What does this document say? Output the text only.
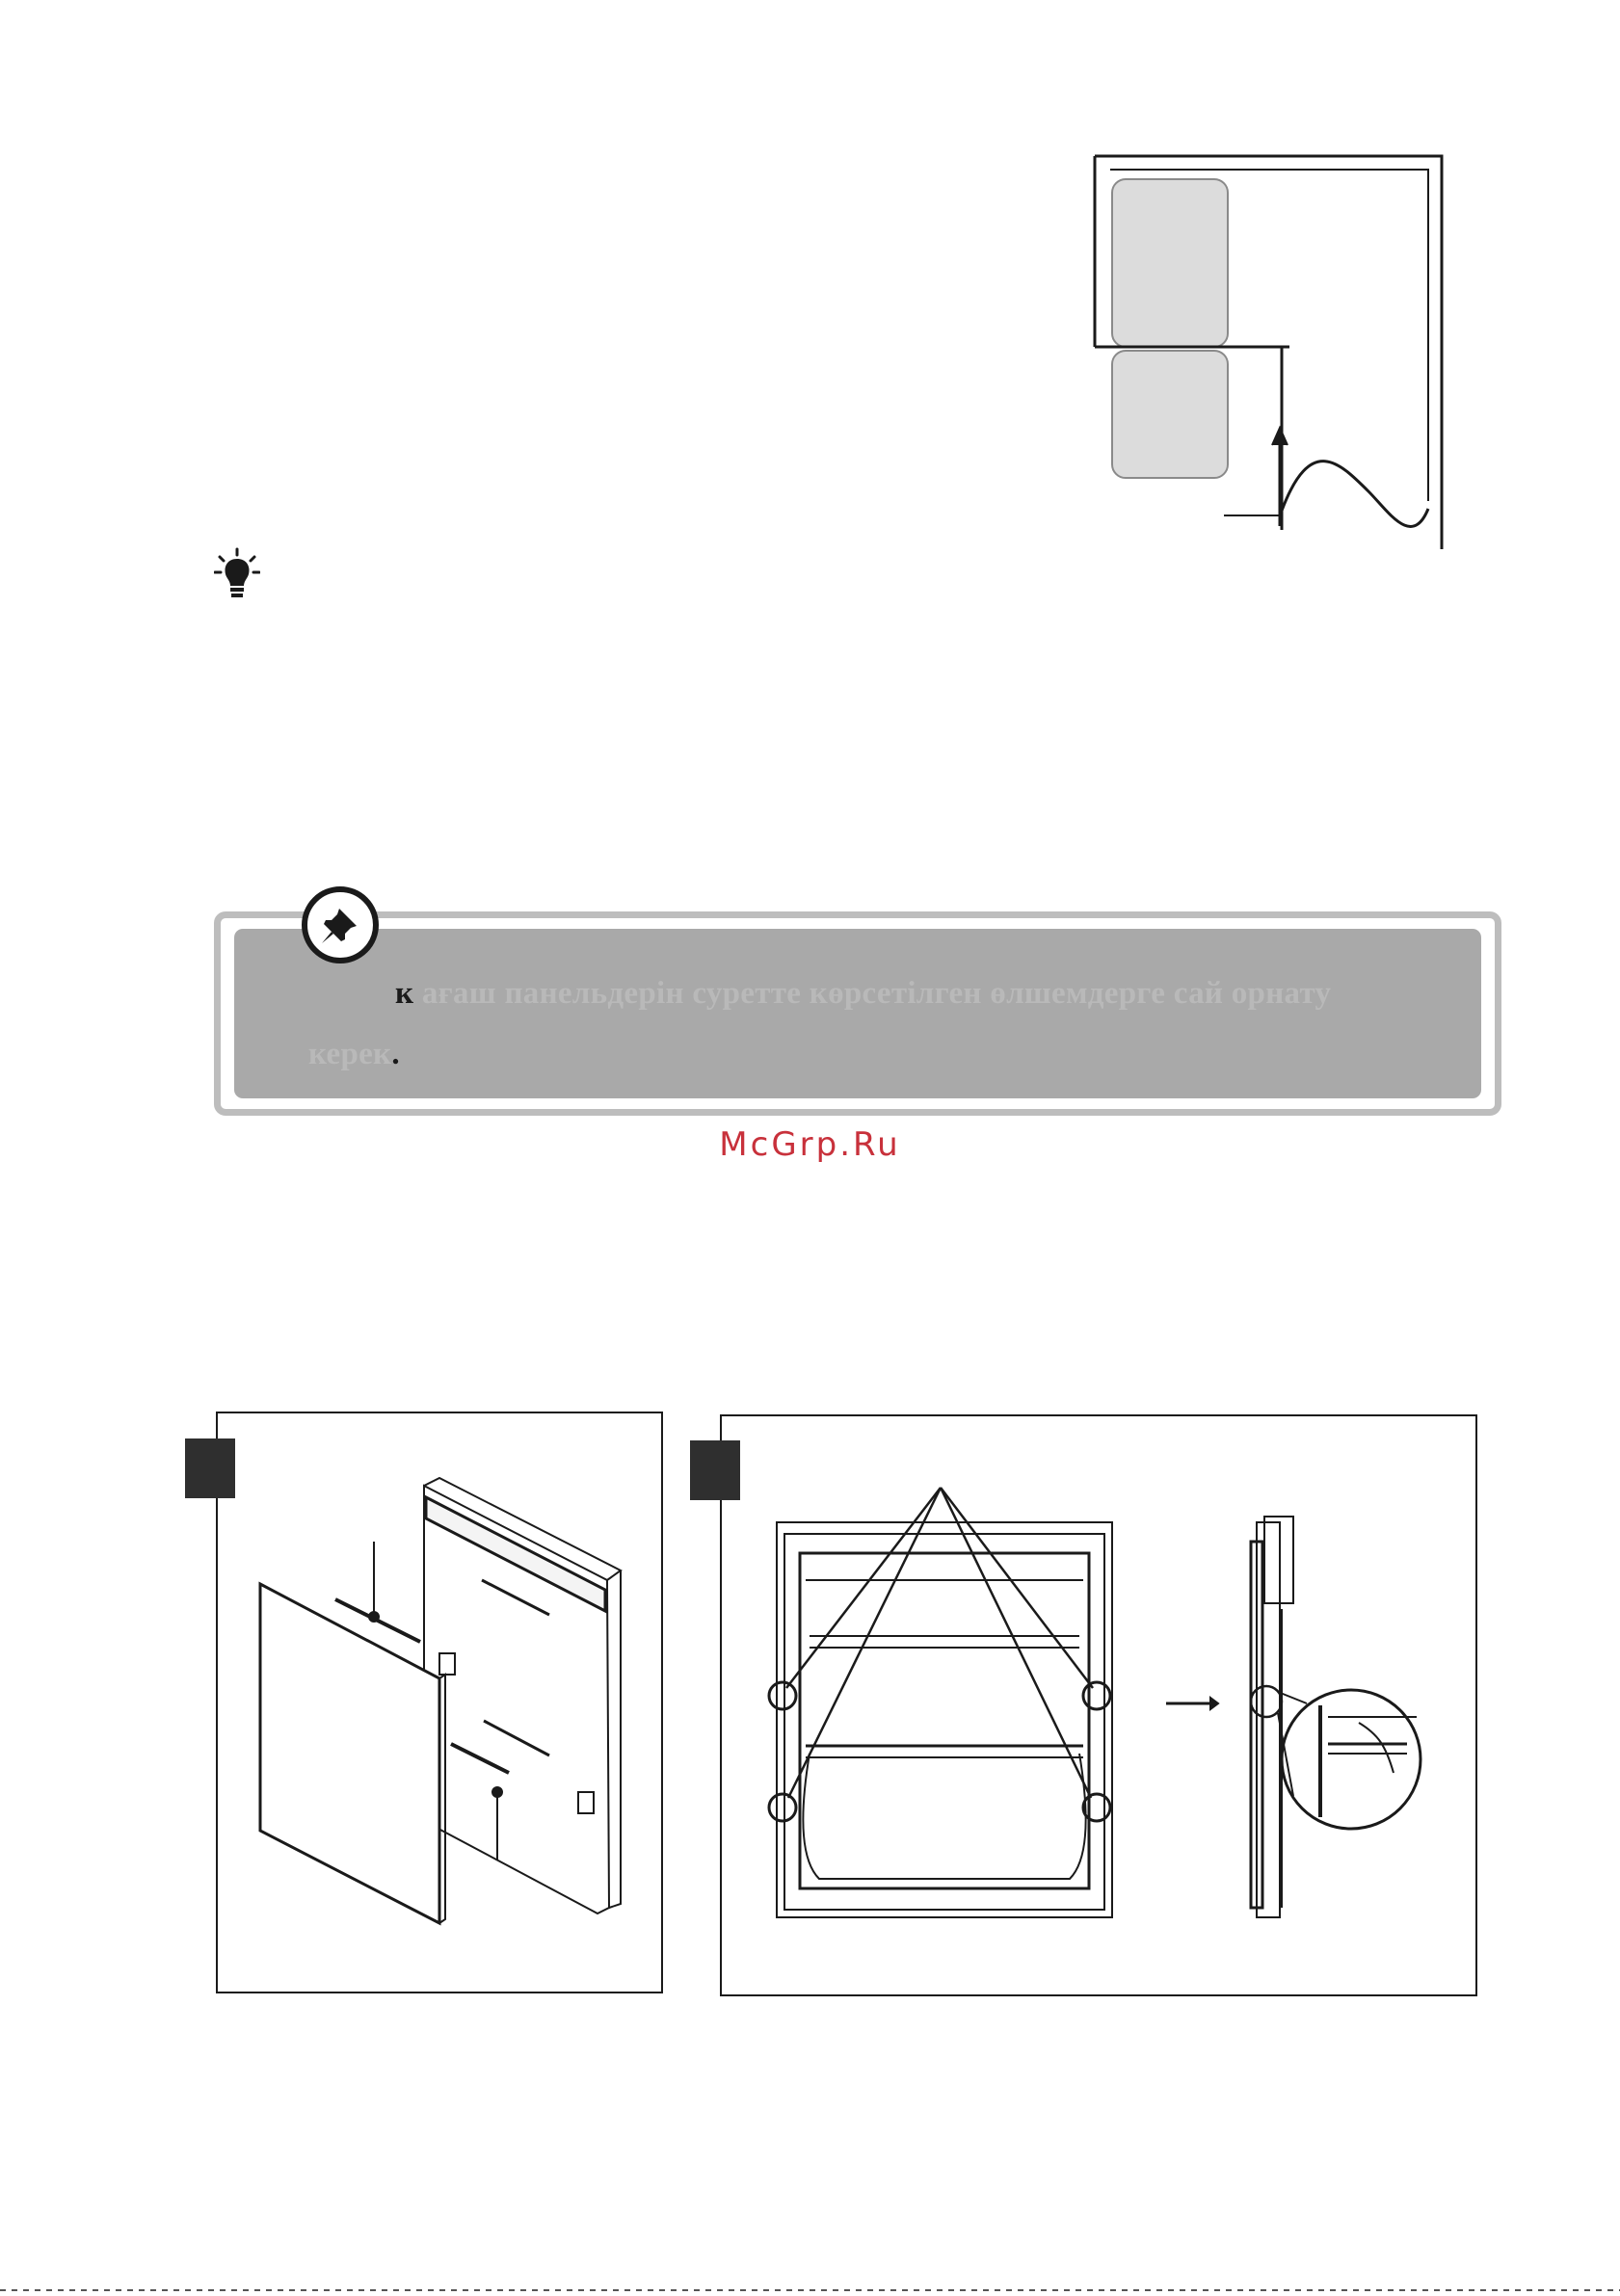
к ағаш панельдерін суретте көрсетілген өлшемдерге сай орнату
керек.
McGrp.Ru
